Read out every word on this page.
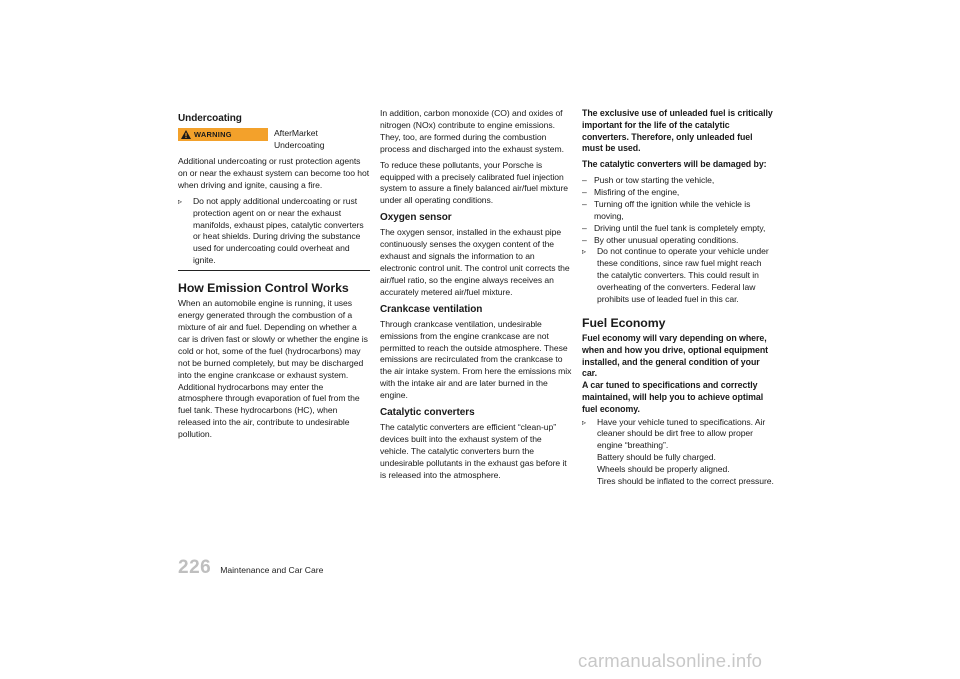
Undercoating
WARNING	AfterMarket
Undercoating

Additional undercoating or rust protection agents on or near the exhaust system can become too hot when driving and ignite, causing a fire.

▹	Do not apply additional undercoating or rust protection agent on or near the exhaust manifolds, exhaust pipes, catalytic converters or heat shields. During driving the substance used for undercoating could overheat and ignite.
How Emission Control Works

When an automobile engine is running, it uses energy generated through the combustion of a mixture of air and fuel. Depending on whether a car is driven fast or slowly or whether the engine is cold or hot, some of the fuel (hydrocarbons) may not be burned completely, but may be discharged into the engine crankcase or exhaust system. Additional hydrocarbons may enter the atmosphere through evaporation of fuel from the fuel tank. These hydrocarbons (HC), when released into the air, contribute to undesirable pollution.

In addition, carbon monoxide (CO) and oxides of nitrogen (NOx) contribute to engine emissions. They, too, are formed during the combustion process and discharged into the exhaust system.

To reduce these pollutants, your Porsche is equipped with a precisely calibrated fuel injection system to assure a finely balanced air/fuel mixture under all operating conditions.

Oxygen sensor

The oxygen sensor, installed in the exhaust pipe continuously senses the oxygen content of the exhaust and signals the information to an electronic control unit. The control unit corrects the air/fuel ratio, so the engine always receives an accurately metered air/fuel mixture.

Crankcase ventilation

Through crankcase ventilation, undesirable emissions from the engine crankcase are not permitted to reach the outside atmosphere. These emissions are recirculated from the crankcase to the air intake system. From here the emissions mix with the intake air and are later burned in the engine.

Catalytic converters

The catalytic converters are efficient “clean-up” devices built into the exhaust system of the vehicle. The catalytic converters burn the undesirable pollutants in the exhaust gas before it is released into the atmosphere.

The exclusive use of unleaded fuel is critically important for the life of the catalytic converters. Therefore, only unleaded fuel must be used.

The catalytic converters will be damaged by:

– Push or tow starting the vehicle,
– Misfiring of the engine,
– Turning off the ignition while the vehicle is moving,
– Driving until the fuel tank is completely empty,
– By other unusual operating conditions.
▹	Do not continue to operate your vehicle under these conditions, since raw fuel might reach the catalytic converters. This could result in overheating of the converters. Federal law prohibits use of leaded fuel in this car.
Fuel Economy

Fuel economy will vary depending on where, when and how you drive, optional equipment installed, and the general condition of your car.

A car tuned to specifications and correctly maintained, will help you to achieve optimal fuel economy.

▹	Have your vehicle tuned to specifications. Air cleaner should be dirt free to allow proper engine “breathing”.
Battery should be fully charged.
Wheels should be properly aligned.
Tires should be inflated to the correct pressure.
226 Maintenance and Car Care
carmanualsonline.info
